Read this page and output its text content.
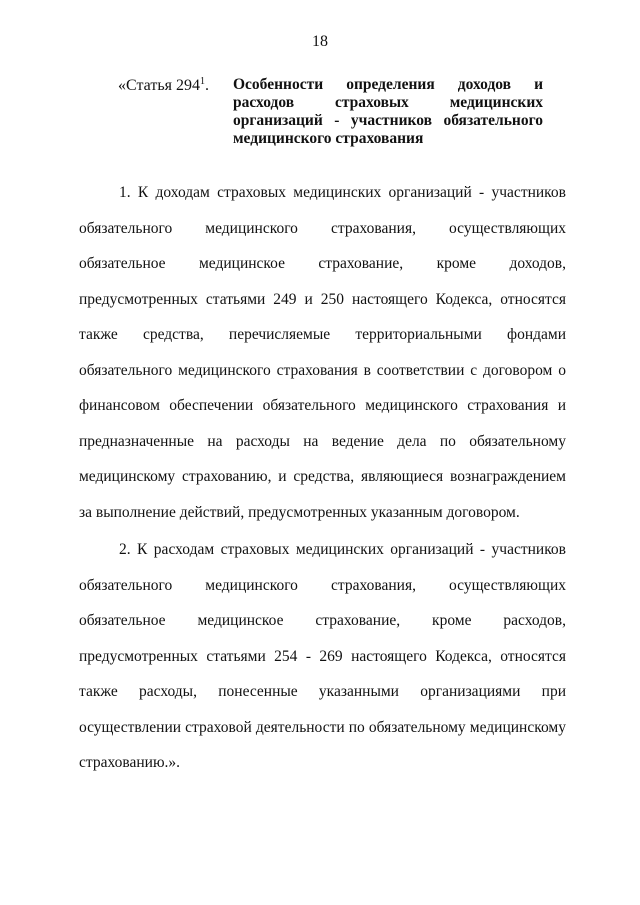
18
«Статья $294^1$. Особенности определения доходов и расходов страховых медицинских
организаций - участников обязательного медицинского страхования

1. К доходам страховых медицинских организаций - участников обязательного медицинского страхования, осуществляющих обязательное медицинское страхование, кроме доходов, предусмотренных статьями 249 и 250 настоящего Кодекса, относятся также средства, перечисляемые территориальными фондами обязательного медицинского страхования в соответствии с договором о финансовом обеспечении обязательного медицинского страхования и предназначенные на расходы на ведение дела по обязательному медицинскому страхованию, и средства, являющиеся вознаграждением за выполнение действий, предусмотренных указанным договором.

2. К расходам страховых медицинских организаций - участников обязательного медицинского страхования, осуществляющих обязательное медицинское страхование, кроме расходов, предусмотренных статьями 254 - 269 настоящего Кодекса, относятся также расходы, понесенные указанными организациями при осуществлении страховой деятельности по обязательному медицинскому страхованию.».
